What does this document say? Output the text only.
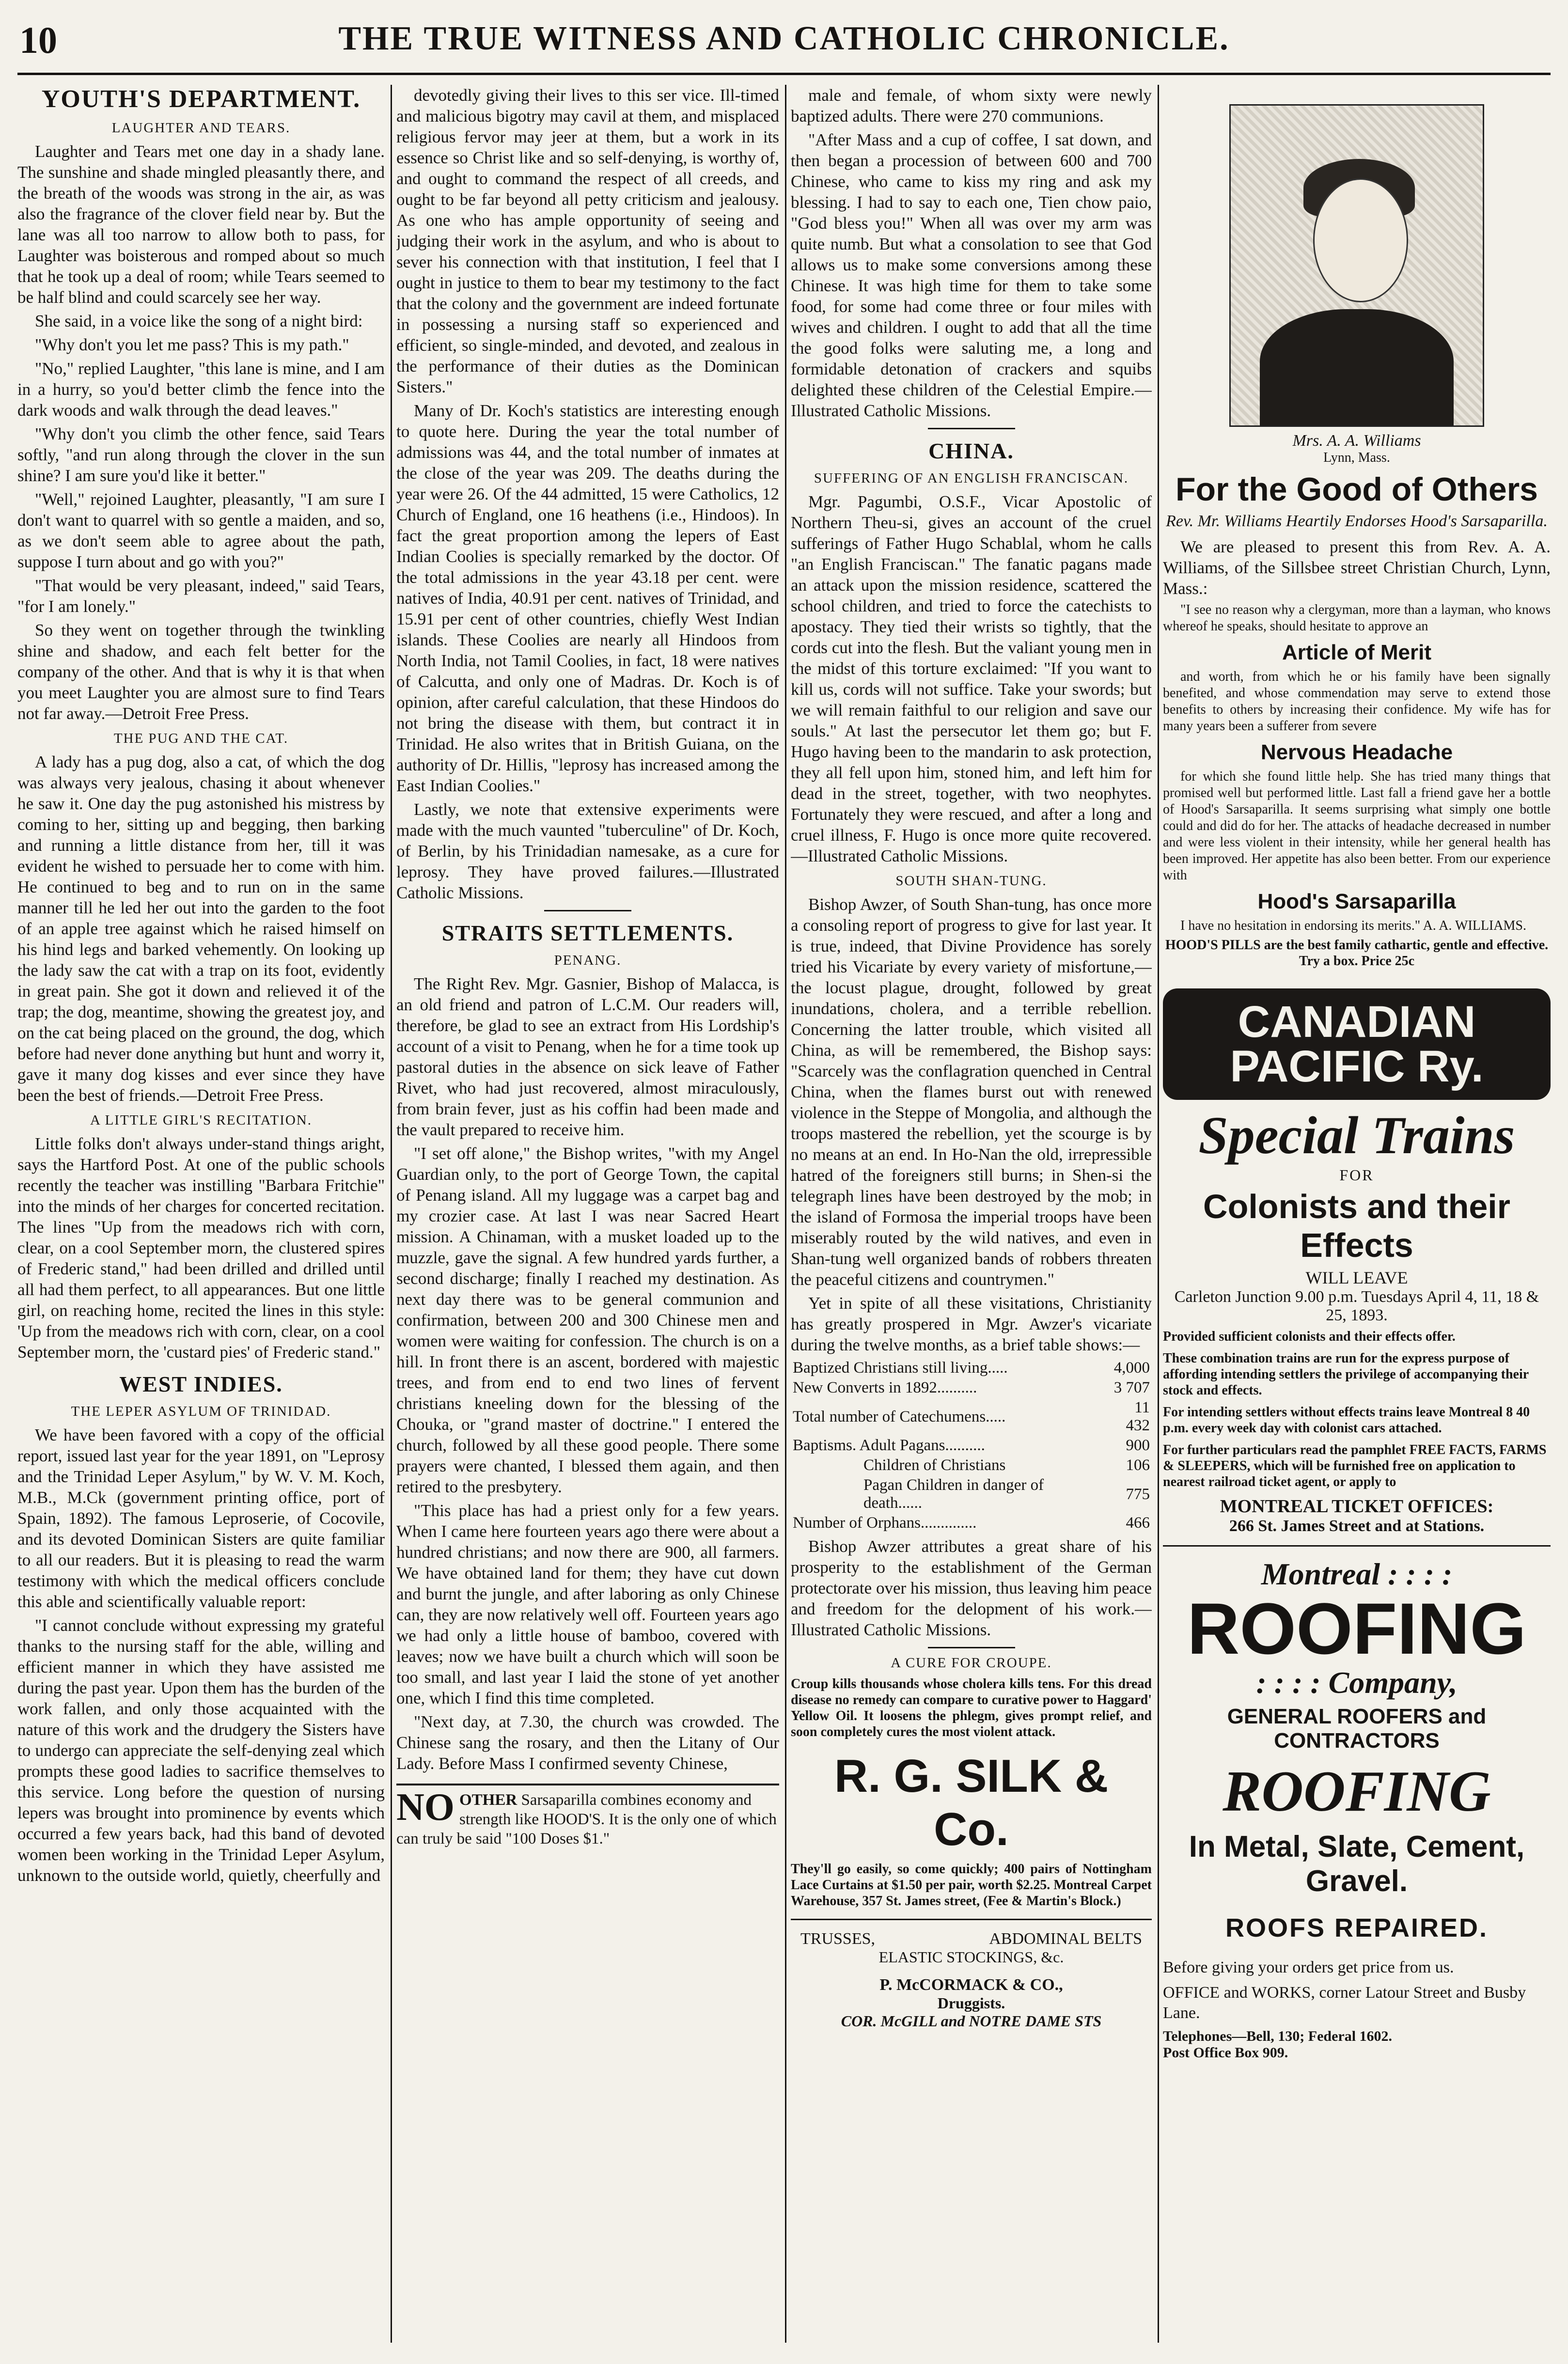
10	THE TRUE WITNESS AND CATHOLIC CHRONICLE.
YOUTH'S DEPARTMENT.
LAUGHTER AND TEARS.

Laughter and Tears met one day in a shady lane. The sunshine and shade mingled pleasantly there, and the breath of the woods was strong in the air, as was also the fragrance of the clover field near by. But the lane was all too narrow to allow both to pass, for Laughter was boisterous and romped about so much that he took up a deal of room; while Tears seemed to be half blind and could scarcely see her way.

She said, in a voice like the song of a night bird:

"Why don't you let me pass? This is my path."

"No," replied Laughter, "this lane is mine, and I am in a hurry, so you'd better climb the fence into the dark woods and walk through the dead leaves."

"Why don't you climb the other fence, said Tears softly, "and run along through the clover in the sun shine? I am sure you'd like it better."

"Well," rejoined Laughter, pleasantly, "I am sure I don't want to quarrel with so gentle a maiden, and so, as we don't seem able to agree about the path, suppose I turn about and go with you?"

"That would be very pleasant, indeed," said Tears, "for I am lonely."

So they went on together through the twinkling shine and shadow, and each felt better for the company of the other. And that is why it is that when you meet Laughter you are almost sure to find Tears not far away.—Detroit Free Press.

THE PUG AND THE CAT.

A lady has a pug dog, also a cat, of which the dog was always very jealous, chasing it about whenever he saw it. One day the pug astonished his mistress by coming to her, sitting up and begging, then barking and running a little distance from her, till it was evident he wished to persuade her to come with him. He continued to beg and to run on in the same manner till he led her out into the garden to the foot of an apple tree against which he raised himself on his hind legs and barked vehemently. On looking up the lady saw the cat with a trap on its foot, evidently in great pain. She got it down and relieved it of the trap; the dog, meantime, showing the greatest joy, and on the cat being placed on the ground, the dog, which before had never done anything but hunt and worry it, gave it many dog kisses and ever since they have been the best of friends.—Detroit Free Press.

A LITTLE GIRL'S RECITATION.

Little folks don't always under-stand things aright, says the Hartford Post. At one of the public schools recently the teacher was instilling "Barbara Fritchie" into the minds of her charges for concerted recitation. The lines "Up from the meadows rich with corn, clear, on a cool September morn, the clustered spires of Frederic stand," had been drilled and drilled until all had them perfect, to all appearances. But one little girl, on reaching home, recited the lines in this style: 'Up from the meadows rich with corn, clear, on a cool September morn, the 'custard pies' of Frederic stand."

WEST INDIES.
THE LEPER ASYLUM OF TRINIDAD.

We have been favored with a copy of the official report, issued last year for the year 1891, on "Leprosy and the Trinidad Leper Asylum," by W. V. M. Koch, M.B., M.Ck (government printing office, port of Spain, 1892). The famous Leproserie, of Cocovile, and its devoted Dominican Sisters are quite familiar to all our readers. But it is pleasing to read the warm testimony with which the medical officers conclude this able and scientifically valuable report:

"I cannot conclude without expressing my grateful thanks to the nursing staff for the able, willing and efficient manner in which they have assisted me during the past year. Upon them has the burden of the work fallen, and only those acquainted with the nature of this work and the drudgery the Sisters have to undergo can appreciate the self-denying zeal which prompts these good ladies to sacrifice themselves to this service. Long before the question of nursing lepers was brought into prominence by events which occurred a few years back, had this band of devoted women been working in the Trinidad Leper Asylum, unknown to the outside world, quietly, cheerfully and

devotedly giving their lives to this ser vice. Ill-timed and malicious bigotry may cavil at them, and misplaced religious fervor may jeer at them, but a work in its essence so Christ like and so self-denying, is worthy of, and ought to command the respect of all creeds, and ought to be far beyond all petty criticism and jealousy. As one who has ample opportunity of seeing and judging their work in the asylum, and who is about to sever his connection with that institution, I feel that I ought in justice to them to bear my testimony to the fact that the colony and the government are indeed fortunate in possessing a nursing staff so experienced and efficient, so single-minded, and devoted, and zealous in the performance of their duties as the Dominican Sisters."

Many of Dr. Koch's statistics are interesting enough to quote here. During the year the total number of admissions was 44, and the total number of inmates at the close of the year was 209. The deaths during the year were 26. Of the 44 admitted, 15 were Catholics, 12 Church of England, one 16 heathens (i.e., Hindoos). In fact the great proportion among the lepers of East Indian Coolies is specially remarked by the doctor. Of the total admissions in the year 43.18 per cent. were natives of India, 40.91 per cent. natives of Trinidad, and 15.91 per cent of other countries, chiefly West Indian islands. These Coolies are nearly all Hindoos from North India, not Tamil Coolies, in fact, 18 were natives of Calcutta, and only one of Madras. Dr. Koch is of opinion, after careful calculation, that these Hindoos do not bring the disease with them, but contract it in Trinidad. He also writes that in British Guiana, on the authority of Dr. Hillis, "leprosy has increased among the East Indian Coolies."

Lastly, we note that extensive experiments were made with the much vaunted "tuberculine" of Dr. Koch, of Berlin, by his Trinidadian namesake, as a cure for leprosy. They have proved failures.—Illustrated Catholic Missions.

STRAITS SETTLEMENTS.
PENANG.

The Right Rev. Mgr. Gasnier, Bishop of Malacca, is an old friend and patron of L.C.M. Our readers will, therefore, be glad to see an extract from His Lordship's account of a visit to Penang, when he for a time took up pastoral duties in the absence on sick leave of Father Rivet, who had just recovered, almost miraculously, from brain fever, just as his coffin had been made and the vault prepared to receive him.

"I set off alone," the Bishop writes, "with my Angel Guardian only, to the port of George Town, the capital of Penang island. All my luggage was a carpet bag and my crozier case. At last I was near Sacred Heart mission. A Chinaman, with a musket loaded up to the muzzle, gave the signal. A few hundred yards further, a second discharge; finally I reached my destination. As next day there was to be general communion and confirmation, between 200 and 300 Chinese men and women were waiting for confession. The church is on a hill. In front there is an ascent, bordered with majestic trees, and from end to end two lines of fervent christians kneeling down for the blessing of the Chouka, or "grand master of doctrine." I entered the church, followed by all these good people. There some prayers were chanted, I blessed them again, and then retired to the presbytery.

"This place has had a priest only for a few years. When I came here fourteen years ago there were about a hundred christians; and now there are 900, all farmers. We have obtained land for them; they have cut down and burnt the jungle, and after laboring as only Chinese can, they are now relatively well off. Fourteen years ago we had only a little house of bamboo, covered with leaves; now we have built a church which will soon be too small, and last year I laid the stone of yet another one, which I find this time completed.

"Next day, at 7.30, the church was crowded. The Chinese sang the rosary, and then the Litany of Our Lady. Before Mass I confirmed seventy Chinese,

NO OTHER Sarsaparilla combines economy and strength like HOOD'S. It is the only one of which can truly be said "100 Doses $1."

male and female, of whom sixty were newly baptized adults. There were 270 communions.

"After Mass and a cup of coffee, I sat down, and then began a procession of between 600 and 700 Chinese, who came to kiss my ring and ask my blessing. I had to say to each one, Tien chow paio, "God bless you!" When all was over my arm was quite numb. But what a consolation to see that God allows us to make some conversions among these Chinese. It was high time for them to take some food, for some had come three or four miles with wives and children. I ought to add that all the time the good folks were saluting me, a long and formidable detonation of crackers and squibs delighted these children of the Celestial Empire.—Illustrated Catholic Missions.

CHINA.
SUFFERING OF AN ENGLISH FRANCISCAN.

Mgr. Pagumbi, O.S.F., Vicar Apostolic of Northern Theu-si, gives an account of the cruel sufferings of Father Hugo Schablal, whom he calls "an English Franciscan." The fanatic pagans made an attack upon the mission residence, scattered the school children, and tried to force the catechists to apostacy. They tied their wrists so tightly, that the cords cut into the flesh. But the valiant young men in the midst of this torture exclaimed: "If you want to kill us, cords will not suffice. Take your swords; but we will remain faithful to our religion and save our souls." At last the persecutor let them go; but F. Hugo having been to the mandarin to ask protection, they all fell upon him, stoned him, and left him for dead in the street, together, with two neophytes. Fortunately they were rescued, and after a long and cruel illness, F. Hugo is once more quite recovered.—Illustrated Catholic Missions.

SOUTH SHAN-TUNG.

Bishop Awzer, of South Shan-tung, has once more a consoling report of progress to give for last year. It is true, indeed, that Divine Providence has sorely tried his Vicariate by every variety of misfortune,—the locust plague, drought, followed by great inundations, cholera, and a terrible rebellion. Concerning the latter trouble, which visited all China, as will be remembered, the Bishop says: "Scarcely was the conflagration quenched in Central China, when the flames burst out with renewed violence in the Steppe of Mongolia, and although the troops mastered the rebellion, yet the scourge is by no means at an end. In Ho-Nan the old, irrepressible hatred of the foreigners still burns; in Shen-si the telegraph lines have been destroyed by the mob; in the island of Formosa the imperial troops have been miserably routed by the wild natives, and even in Shan-tung well organized bands of robbers threaten the peaceful citizens and countrymen."

Yet in spite of all these visitations, Christianity has greatly prospered in Mgr. Awzer's vicariate during the twelve months, as a brief table shows:—

Baptized Christians still living.....	4,000
New Converts in 1892..........	3 707
Total number of Catechumens.....	11 432
Baptisms. Adult Pagans..........	900
Children of Christians	106
Pagan Children in danger of death......	775
Number of Orphans..............	466

Bishop Awzer attributes a great share of his prosperity to the establishment of the German protectorate over his mission, thus leaving him peace and freedom for the delopment of his work.—Illustrated Catholic Missions.

A CURE FOR CROUPE.
Croup kills thousands whose cholera kills tens. For this dread disease no remedy can compare to curative power to Haggard' Yellow Oil. It loosens the phlegm, gives prompt relief, and soon completely cures the most violent attack.
R. G. SILK & Co.
They'll go easily, so come quickly; 400 pairs of Nottingham Lace Curtains at $1.50 per pair, worth $2.25. Montreal Carpet Warehouse, 357 St. James street, (Fee & Martin's Block.)
TRUSSES,	ABDOMINAL BELTS
ELASTIC STOCKINGS, &c.
P. McCORMACK & CO.,
Druggists.
COR. McGILL and NOTRE DAME STS
Mrs. A. A. Williams
Lynn, Mass.
For the Good of Others
Rev. Mr. Williams Heartily Endorses Hood's Sarsaparilla.

We are pleased to present this from Rev. A. A. Williams, of the Sillsbee street Christian Church, Lynn, Mass.:

"I see no reason why a clergyman, more than a layman, who knows whereof he speaks, should hesitate to approve an

Article of Merit

and worth, from which he or his family have been signally benefited, and whose commendation may serve to extend those benefits to others by increasing their confidence. My wife has for many years been a sufferer from severe

Nervous Headache

for which she found little help. She has tried many things that promised well but performed little. Last fall a friend gave her a bottle of Hood's Sarsaparilla. It seems surprising what simply one bottle could and did do for her. The attacks of headache decreased in number and were less violent in their intensity, while her general health has been improved. Her appetite has also been better. From our experience with

Hood's Sarsaparilla

I have no hesitation in endorsing its merits." A. A. WILLIAMS.

HOOD'S PILLS are the best family cathartic, gentle and effective. Try a box. Price 25c
CANADIAN
PACIFIC Ry.
Special Trains
FOR
Colonists and their Effects
WILL LEAVE
Carleton Junction 9.00 p.m. Tuesdays April 4, 11, 18 & 25, 1893.
Provided sufficient colonists and their effects offer.
These combination trains are run for the express purpose of affording intending settlers the privilege of accompanying their stock and effects.
For intending settlers without effects trains leave Montreal 8 40 p.m. every week day with colonist cars attached.
For further particulars read the pamphlet FREE FACTS, FARMS & SLEEPERS, which will be furnished free on application to nearest railroad ticket agent, or apply to
MONTREAL TICKET OFFICES:
266 St. James Street and at Stations.
Montreal : : : :
ROOFING
: : : : Company,
GENERAL ROOFERS and CONTRACTORS
ROOFING
In Metal, Slate, Cement, Gravel.
ROOFS REPAIRED.
Before giving your orders get price from us.
OFFICE and WORKS, corner Latour Street and Busby Lane.
Telephones—Bell, 130; Federal 1602.
Post Office Box 909.
